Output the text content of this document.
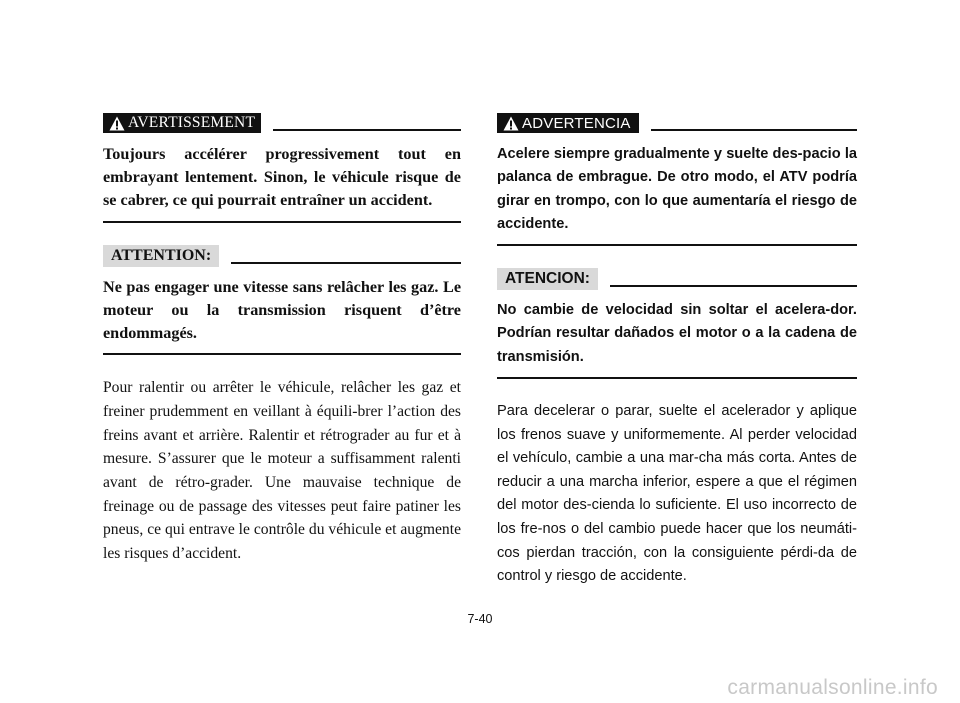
AVERTISSEMENT

Toujours accélérer progressivement tout en embrayant lentement. Sinon, le véhicule risque de se cabrer, ce qui pourrait entraîner un accident.

ATTENTION:

Ne pas engager une vitesse sans relâcher les gaz. Le moteur ou la transmission risquent d’être endommagés.

Pour ralentir ou arrêter le véhicule, relâcher les gaz et freiner prudemment en veillant à équili-brer l’action des freins avant et arrière. Ralentir et rétrograder au fur et à mesure. S’assurer que le moteur a suffisamment ralenti avant de rétro-grader. Une mauvaise technique de freinage ou de passage des vitesses peut faire patiner les pneus, ce qui entrave le contrôle du véhicule et augmente les risques d’accident.

ADVERTENCIA

Acelere siempre gradualmente y suelte des-pacio la palanca de embrague. De otro modo, el ATV podría girar en trompo, con lo que aumentaría el riesgo de accidente.

ATENCION:

No cambie de velocidad sin soltar el acelera-dor. Podrían resultar dañados el motor o a la cadena de transmisión.

Para decelerar o parar, suelte el acelerador y aplique los frenos suave y uniformemente. Al perder velocidad el vehículo, cambie a una mar-cha más corta. Antes de reducir a una marcha inferior, espere a que el régimen del motor des-cienda lo suficiente. El uso incorrecto de los fre-nos o del cambio puede hacer que los neumáti-cos pierdan tracción, con la consiguiente pérdi-da de control y riesgo de accidente.

7-40
carmanualsonline.info
